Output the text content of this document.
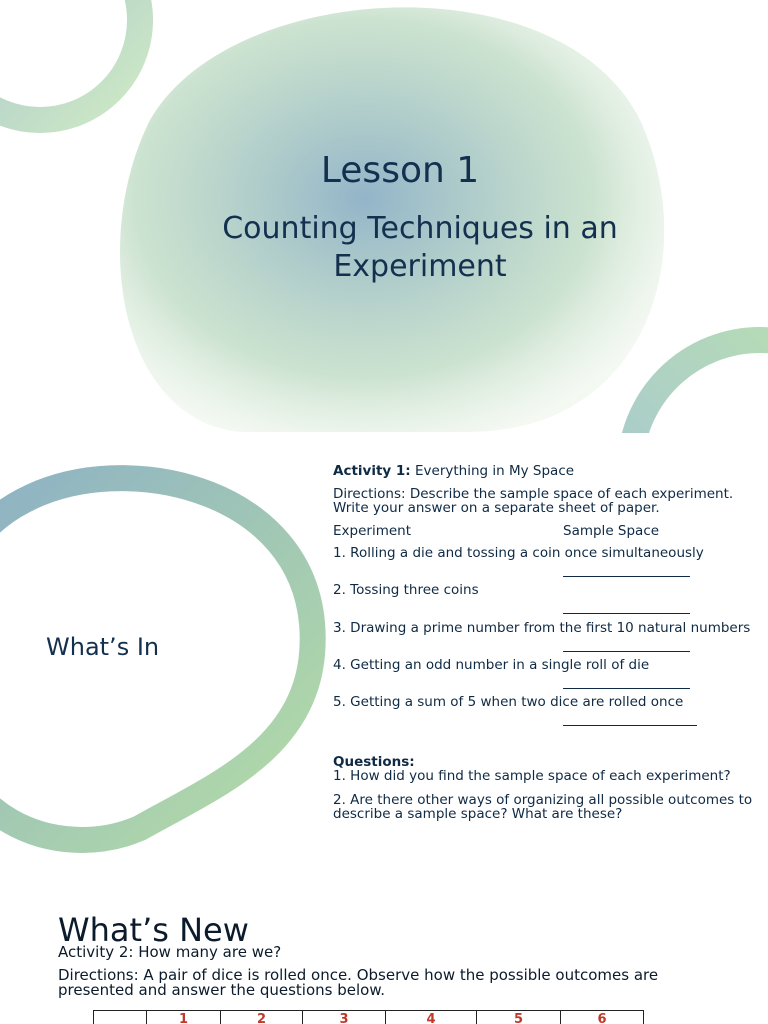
Lesson 1
Counting Techniques in an Experiment
What’s In

Activity 1: Everything in My Space

Directions: Describe the sample space of each experiment.

Write your answer on a separate sheet of paper.

Experiment	Sample Space

1. Rolling a die and tossing a coin once simultaneously

2. Tossing three coins

3. Drawing a prime number from the first 10 natural numbers

4. Getting an odd number in a single roll of die

5. Getting a sum of 5 when two dice are rolled once

Questions:

1. How did you find the sample space of each experiment?

2. Are there other ways of organizing all possible outcomes to

describe a sample space? What are these?

What’s New
Activity 2: How many are we?
Directions: A pair of dice is rolled once. Observe how the possible outcomes are
presented and answer the questions below.
	1	2	3	4	5	6
